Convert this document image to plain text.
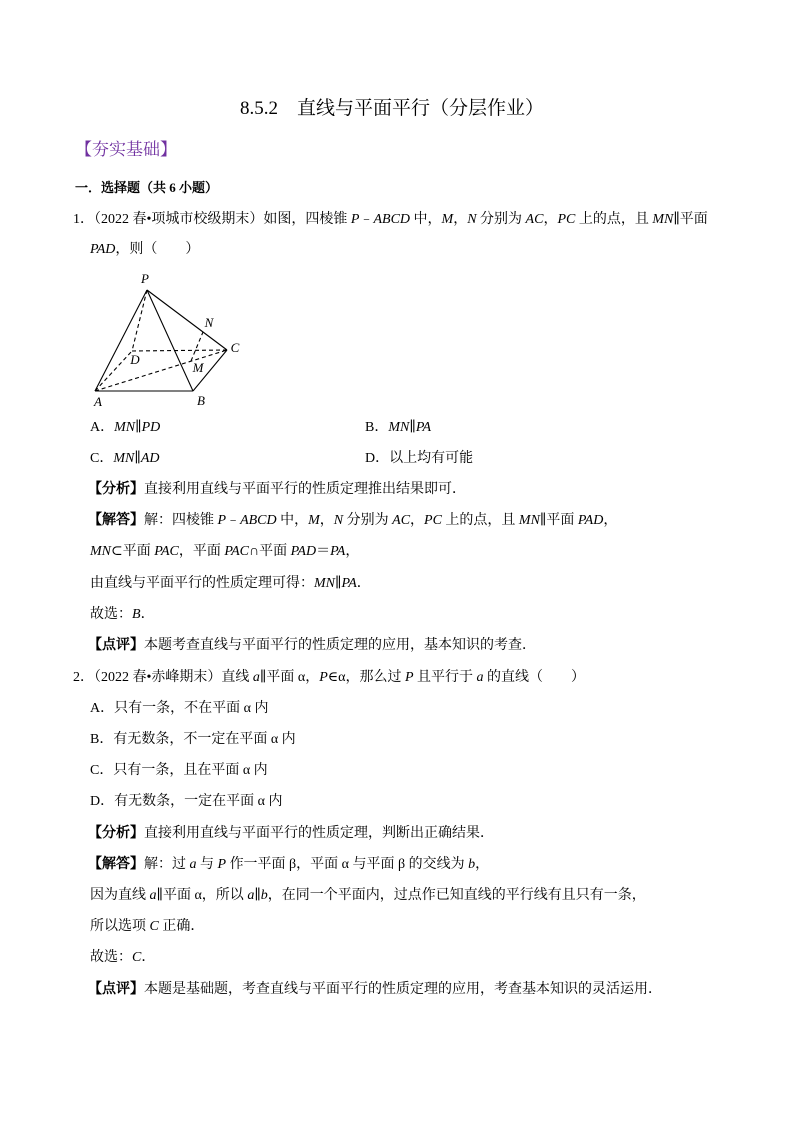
8.5.2　直线与平面平行（分层作业）
【夯实基础】
一．选择题（共 6 小题）
1．（2022 春•项城市校级期末）如图，四棱锥 P﹣ABCD 中，M，N 分别为 AC，PC 上的点，且 MN∥平面
PAD，则（　　）
P
N
C
D
M
A	B
A．MN∥PD	B．MN∥PA
C．MN∥AD	D．以上均有可能
【分析】直接利用直线与平面平行的性质定理推出结果即可．
【解答】解：四棱锥 P﹣ABCD 中，M，N 分别为 AC，PC 上的点，且 MN∥平面 PAD，
MN⊂平面 PAC，平面 PAC∩平面 PAD＝PA，
由直线与平面平行的性质定理可得：MN∥PA．
故选：B．
【点评】本题考查直线与平面平行的性质定理的应用，基本知识的考查．
2．（2022 春•赤峰期末）直线 a∥平面 α，P∈α，那么过 P 且平行于 a 的直线（　　）
A．只有一条，不在平面 α 内
B．有无数条，不一定在平面 α 内
C．只有一条，且在平面 α 内
D．有无数条，一定在平面 α 内
【分析】直接利用直线与平面平行的性质定理，判断出正确结果．
【解答】解：过 a 与 P 作一平面 β，平面 α 与平面 β 的交线为 b，
因为直线 a∥平面 α，所以 a∥b，在同一个平面内，过点作已知直线的平行线有且只有一条，
所以选项 C 正确．
故选：C．
【点评】本题是基础题，考查直线与平面平行的性质定理的应用，考查基本知识的灵活运用．
